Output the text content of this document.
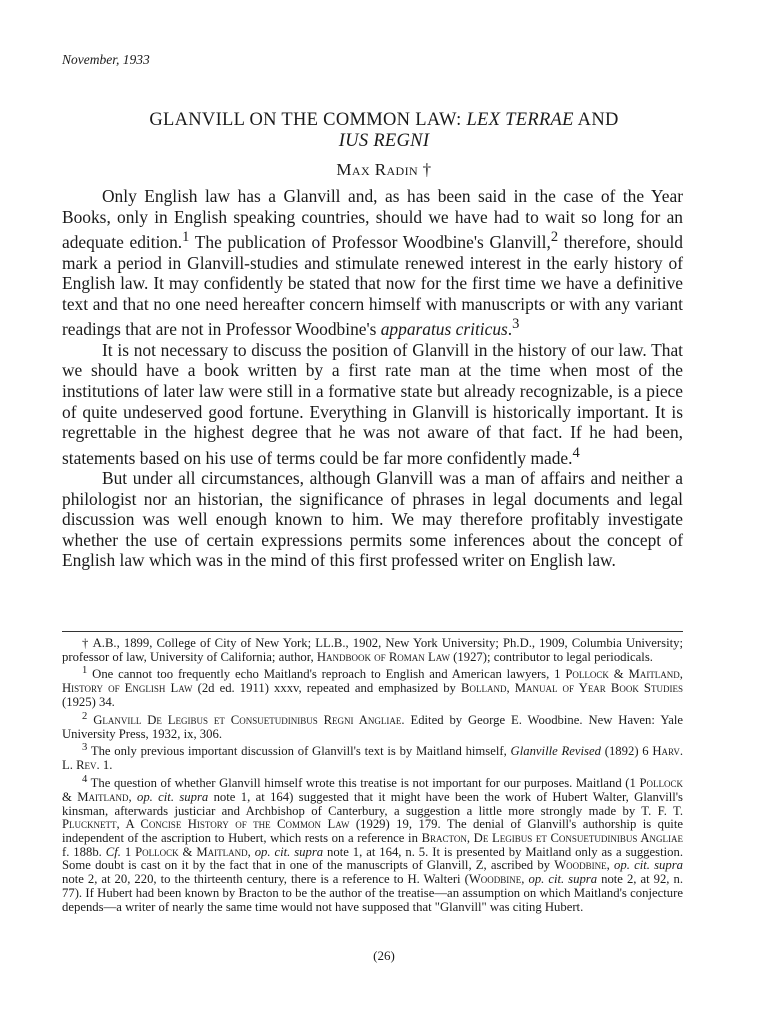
November, 1933
GLANVILL ON THE COMMON LAW: LEX TERRAE AND
IUS REGNI
Max Radin †

Only English law has a Glanvill and, as has been said in the case of the Year Books, only in English speaking countries, should we have had to wait so long for an adequate edition.$^1$ The publication of Professor Woodbine's Glanvill,$^2$ therefore, should mark a period in Glanvill-studies and stimulate renewed interest in the early history of English law. It may confidently be stated that now for the first time we have a definitive text and that no one need hereafter concern himself with manuscripts or with any variant readings that are not in Professor Woodbine's apparatus criticus.$^3$

It is not necessary to discuss the position of Glanvill in the history of our law. That we should have a book written by a first rate man at the time when most of the institutions of later law were still in a formative state but already recognizable, is a piece of quite undeserved good fortune. Everything in Glanvill is historically important. It is regrettable in the highest degree that he was not aware of that fact. If he had been, statements based on his use of terms could be far more confidently made.$^4$

But under all circumstances, although Glanvill was a man of affairs and neither a philologist nor an historian, the significance of phrases in legal documents and legal discussion was well enough known to him. We may therefore profitably investigate whether the use of certain expressions permits some inferences about the concept of English law which was in the mind of this first professed writer on English law.

† A.B., 1899, College of City of New York; LL.B., 1902, New York University; Ph.D., 1909, Columbia University; professor of law, University of California; author, Handbook of Roman Law (1927); contributor to legal periodicals.

$^1$ One cannot too frequently echo Maitland's reproach to English and American lawyers, 1 Pollock & Maitland, History of English Law (2d ed. 1911) xxxv, repeated and emphasized by Bolland, Manual of Year Book Studies (1925) 34.

$^2$ Glanvill De Legibus et Consuetudinibus Regni Angliae. Edited by George E. Woodbine. New Haven: Yale University Press, 1932, ix, 306.

$^3$ The only previous important discussion of Glanvill's text is by Maitland himself, Glanville Revised (1892) 6 Harv. L. Rev. 1.

$^4$ The question of whether Glanvill himself wrote this treatise is not important for our purposes. Maitland (1 Pollock & Maitland, op. cit. supra note 1, at 164) suggested that it might have been the work of Hubert Walter, Glanvill's kinsman, afterwards justiciar and Archbishop of Canterbury, a suggestion a little more strongly made by T. F. T. Plucknett, A Concise History of the Common Law (1929) 19, 179. The denial of Glanvill's authorship is quite independent of the ascription to Hubert, which rests on a reference in Bracton, De Legibus et Consuetudinibus Angliae f. 188b. Cf. 1 Pollock & Maitland, op. cit. supra note 1, at 164, n. 5. It is presented by Maitland only as a suggestion. Some doubt is cast on it by the fact that in one of the manuscripts of Glanvill, Z, ascribed by Woodbine, op. cit. supra note 2, at 20, 220, to the thirteenth century, there is a reference to H. Walteri (Woodbine, op. cit. supra note 2, at 92, n. 77). If Hubert had been known by Bracton to be the author of the treatise—an assumption on which Maitland's conjecture depends—a writer of nearly the same time would not have supposed that "Glanvill" was citing Hubert.

(26)
